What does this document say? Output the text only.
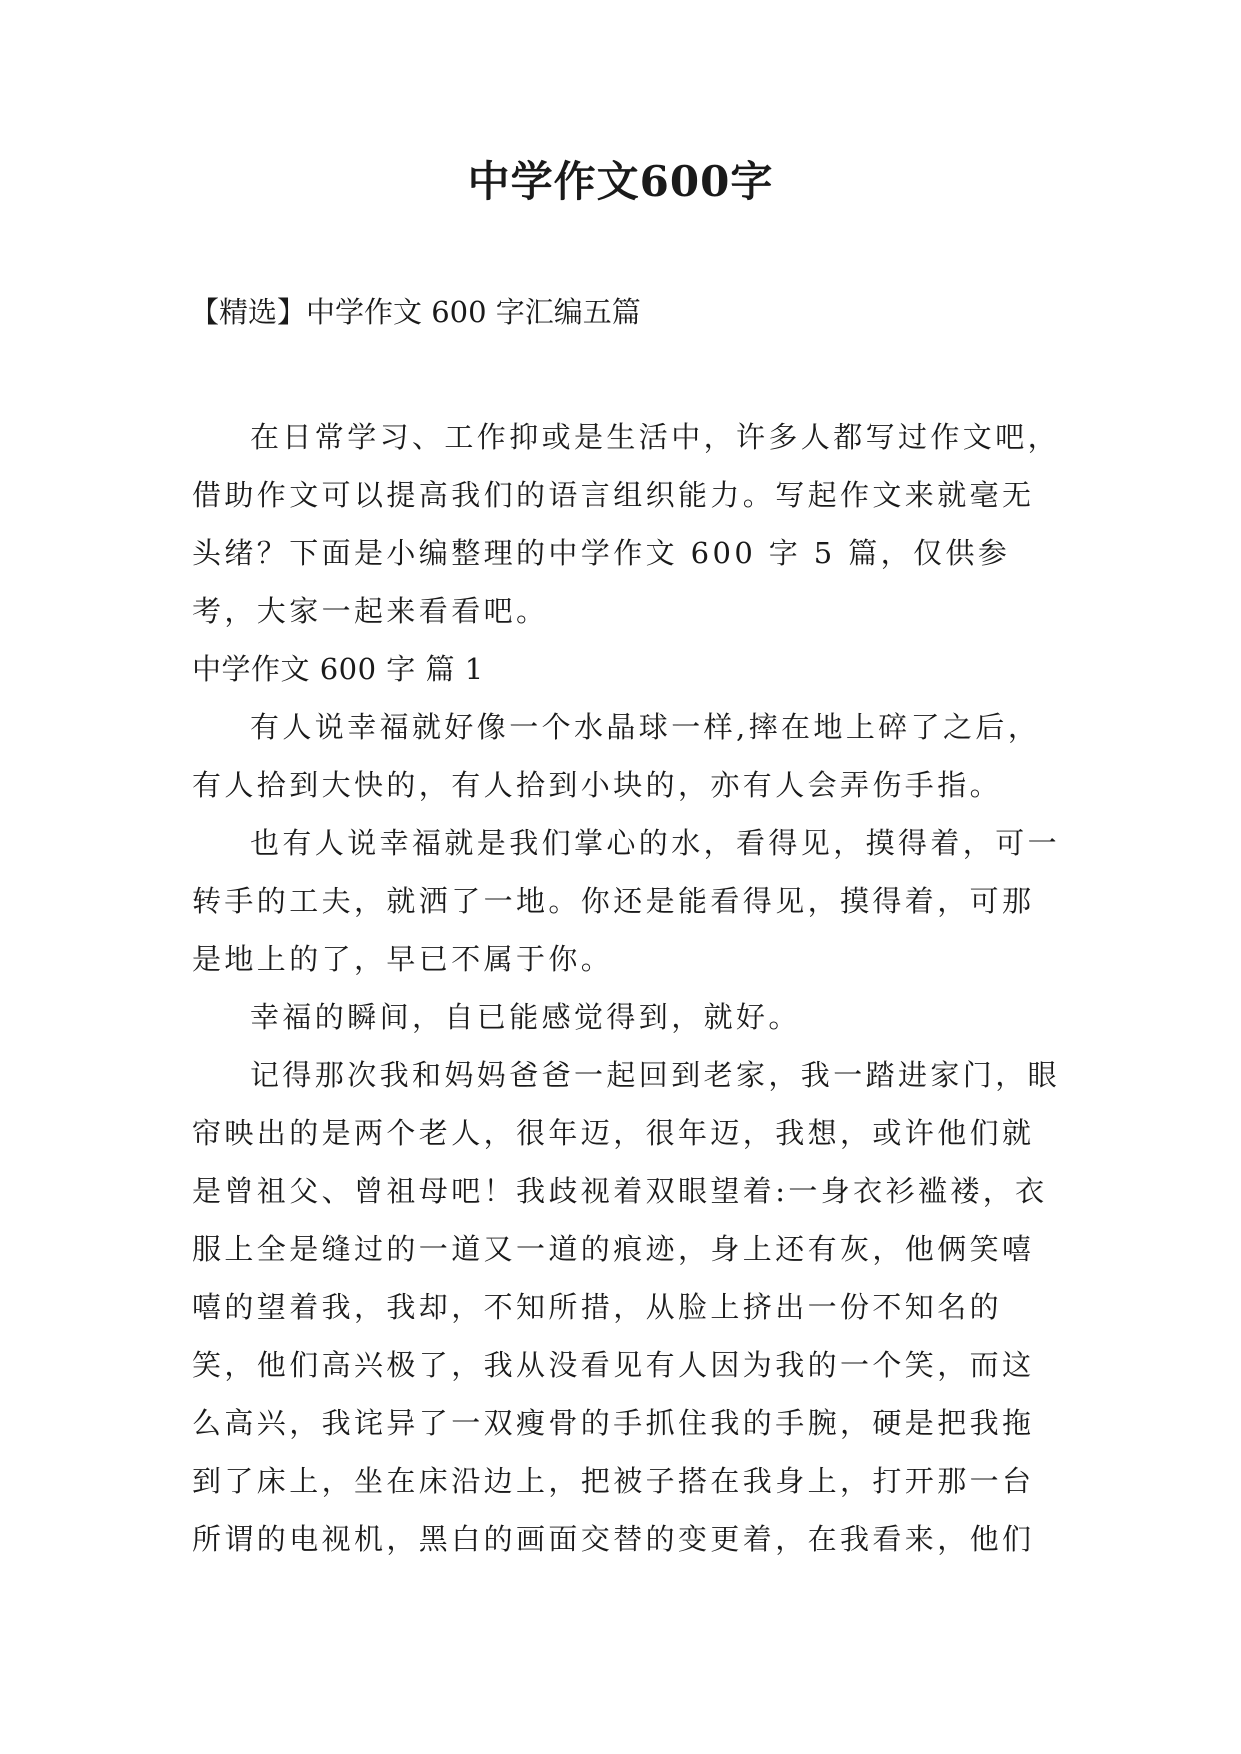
中学作文600字

【精选】中学作文 600 字汇编五篇

在日常学习、工作抑或是生活中，许多人都写过作文吧，借助作文可以提高我们的语言组织能力。写起作文来就毫无头绪？下面是小编整理的中学作文 600 字 5 篇，仅供参考，大家一起来看看吧。

中学作文 600 字 篇 1

有人说幸福就好像一个水晶球一样,摔在地上碎了之后，有人拾到大快的，有人拾到小块的，亦有人会弄伤手指。

也有人说幸福就是我们掌心的水，看得见，摸得着，可一转手的工夫，就洒了一地。你还是能看得见，摸得着，可那是地上的了，早已不属于你。

幸福的瞬间，自已能感觉得到，就好。

记得那次我和妈妈爸爸一起回到老家，我一踏进家门，眼帘映出的是两个老人，很年迈，很年迈，我想，或许他们就是曾祖父、曾祖母吧！我歧视着双眼望着:一身衣衫褴褛，衣服上全是缝过的一道又一道的痕迹，身上还有灰，他俩笑嘻嘻的望着我，我却，不知所措，从脸上挤出一份不知名的笑，他们高兴极了，我从没看见有人因为我的一个笑，而这么高兴，我诧异了一双瘦骨的手抓住我的手腕，硬是把我拖到了床上，坐在床沿边上，把被子搭在我身上，打开那一台所谓的电视机，黑白的画面交替的变更着，在我看来，他们
